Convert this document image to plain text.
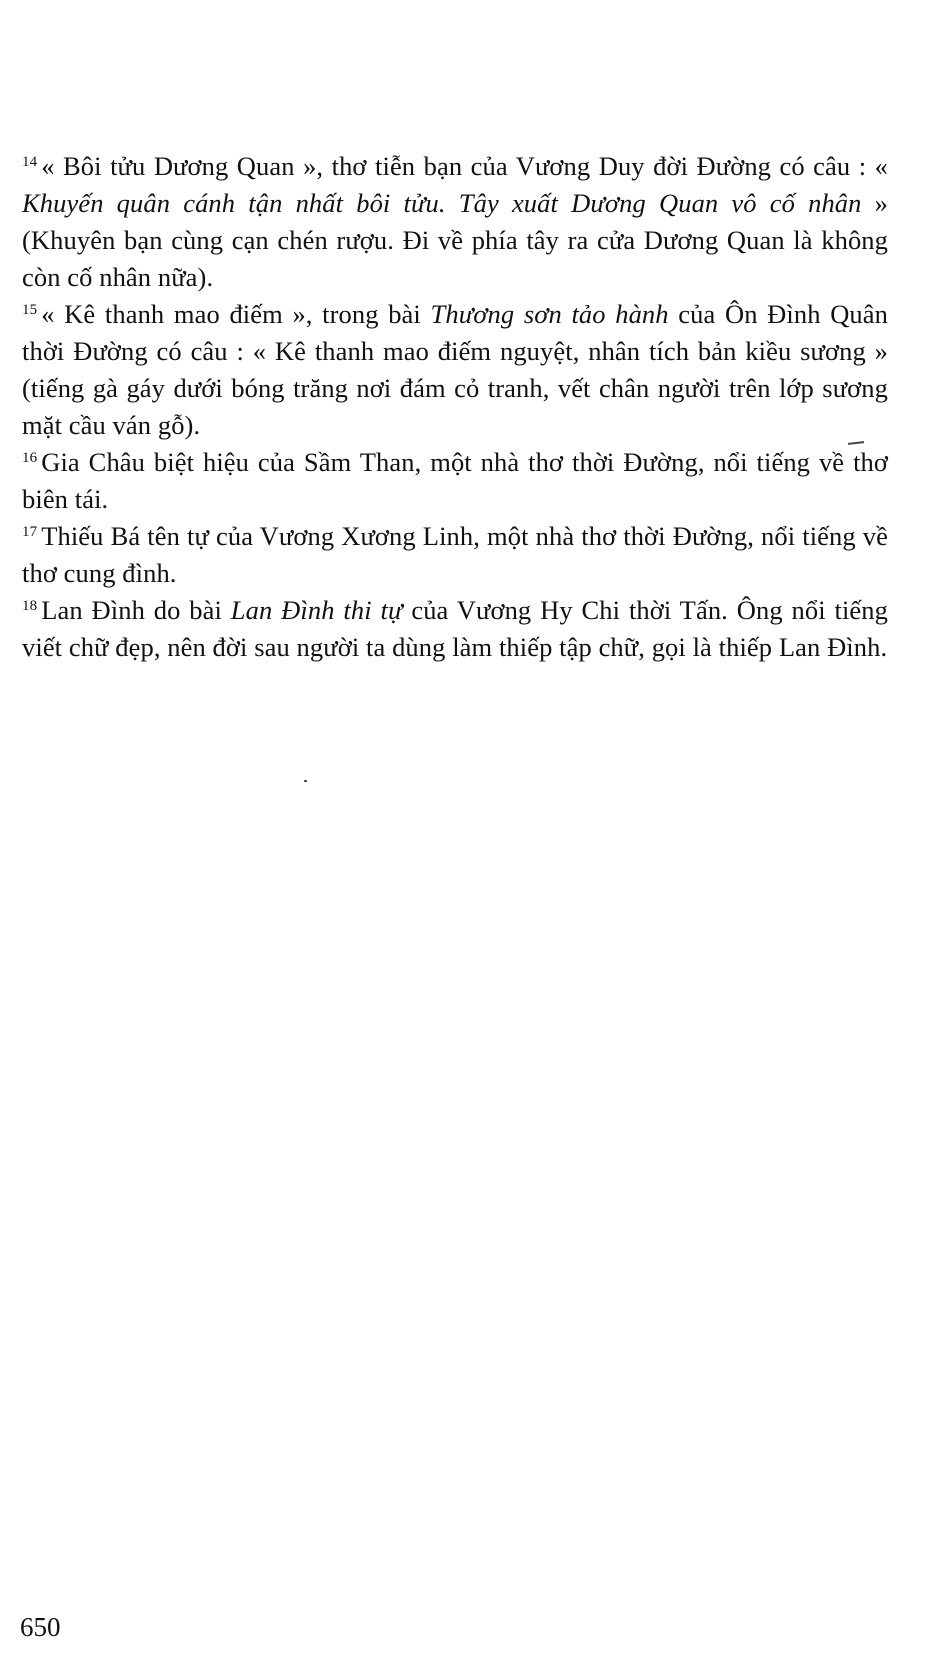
$^{14}$ « Bôi tửu Dương Quan », thơ tiễn bạn của Vương Duy đời Đường có câu : « Khuyến quân cánh tận nhất bôi tửu. Tây xuất Dương Quan vô cố nhân » (Khuyên bạn cùng cạn chén rượu. Đi về phía tây ra cửa Dương Quan là không còn cố nhân nữa).

$^{15}$ « Kê thanh mao điếm », trong bài Thương sơn tảo hành của Ôn Đình Quân thời Đường có câu : « Kê thanh mao điếm nguyệt, nhân tích bản kiều sương » (tiếng gà gáy dưới bóng trăng nơi đám cỏ tranh, vết chân người trên lớp sương mặt cầu ván gỗ).

$^{16}$ Gia Châu biệt hiệu của Sầm Than, một nhà thơ thời Đường, nổi tiếng về thơ biên tái.

$^{17}$ Thiếu Bá tên tự của Vương Xương Linh, một nhà thơ thời Đường, nổi tiếng về thơ cung đình.

$^{18}$ Lan Đình do bài Lan Đình thi tự của Vương Hy Chi thời Tấn. Ông nổi tiếng viết chữ đẹp, nên đời sau người ta dùng làm thiếp tập chữ, gọi là thiếp Lan Đình.

650
